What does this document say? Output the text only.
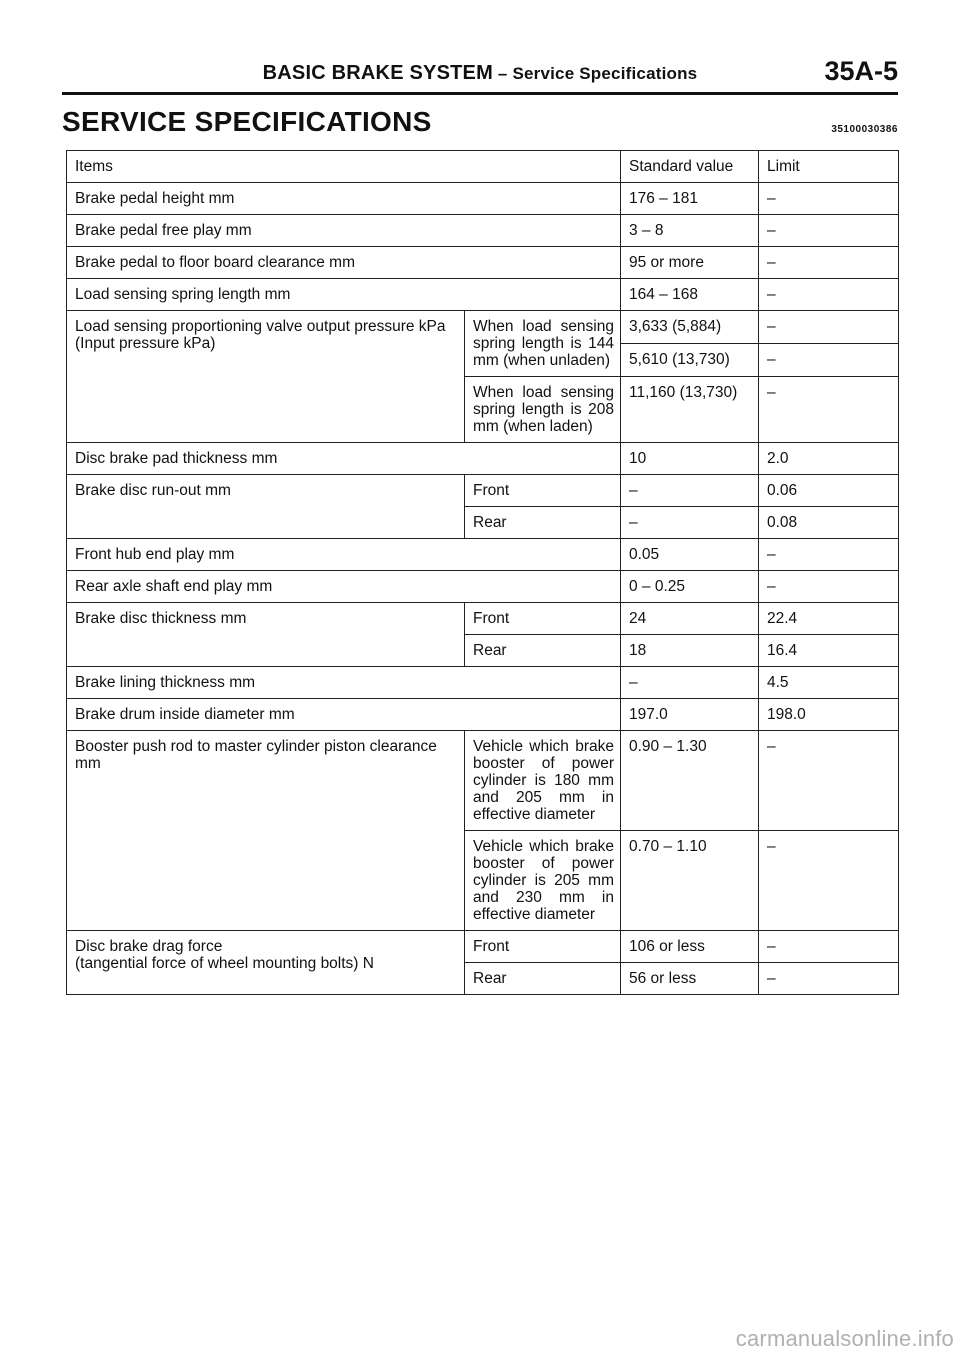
BASIC BRAKE SYSTEM – Service Specifications	35A-5
SERVICE SPECIFICATIONS	35100030386
Items		Standard value	Limit
Brake pedal height mm		176 – 181	–
Brake pedal free play mm		3 – 8	–
Brake pedal to floor board clearance mm		95 or more	–
Load sensing spring length mm		164 – 168	–
Load sensing proportioning valve output pressure kPa
(Input pressure kPa)	When load sensing spring length is 144 mm (when unladen)	3,633 (5,884)	–
		5,610 (13,730)	–
	When load sensing spring length is 208 mm (when laden)	11,160 (13,730)	–
Disc brake pad thickness mm		10	2.0
Brake disc run-out mm	Front	–	0.06
	Rear	–	0.08
Front hub end play mm		0.05	–
Rear axle shaft end play mm		0 – 0.25	–
Brake disc thickness mm	Front	24	22.4
	Rear	18	16.4
Brake lining thickness mm		–	4.5
Brake drum inside diameter mm		197.0	198.0
Booster push rod to master cylinder piston clearance mm	Vehicle which brake booster of power cylinder is 180 mm and 205 mm in effective diameter	0.90 – 1.30	–
	Vehicle which brake booster of power cylinder is 205 mm and 230 mm in effective diameter	0.70 – 1.10	–
Disc brake drag force
(tangential force of wheel mounting bolts) N	Front	106 or less	–
	Rear	56 or less	–
carmanualsonline.info
